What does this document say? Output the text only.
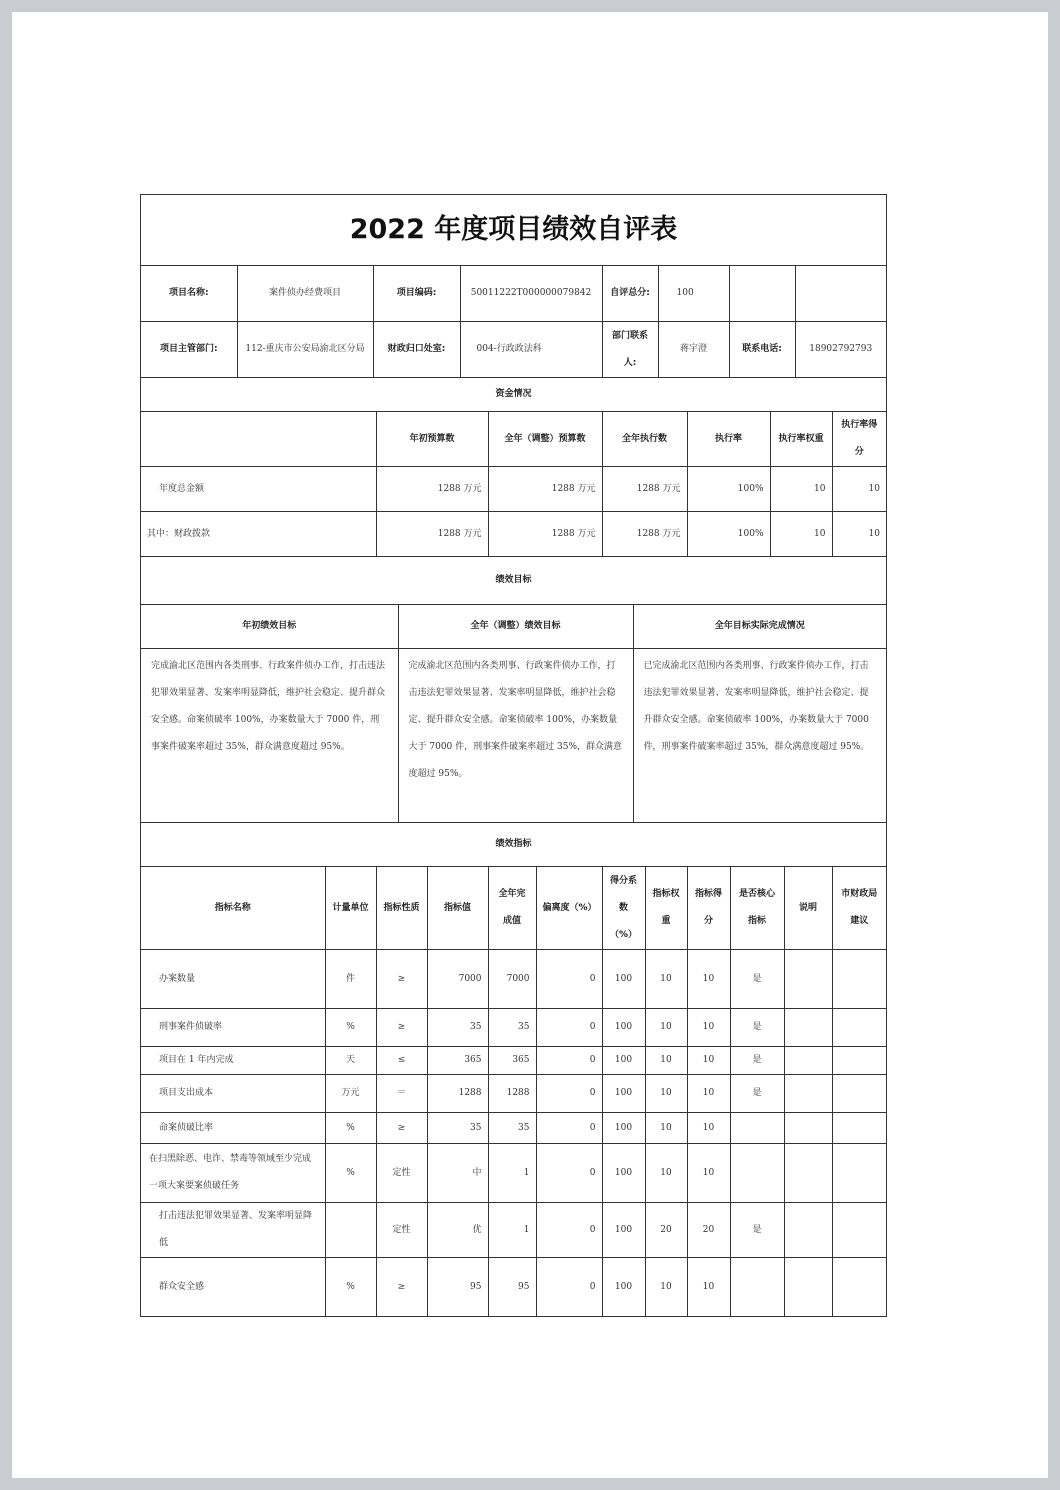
2022 年度项目绩效自评表
项目名称:	案件侦办经费项目	项目编码:	50011222T000000079842	自评总分:	100		
项目主管部门:	112-重庆市公安局渝北区分局	财政归口处室:	004-行政政法科	部门联系人:	蒋宇澄	联系电话:	18902792793
资金情况						
	年初预算数	全年（调整）预算数	全年执行数	执行率	执行率权重	执行率得分
年度总金额	1288 万元	1288 万元	1288 万元	100%	10	10
其中：财政拨款	1288 万元	1288 万元	1288 万元	100%	10	10
绩效目标		
年初绩效目标	全年（调整）绩效目标	全年目标实际完成情况
完成渝北区范围内各类刑事、行政案件侦办工作，打击违法犯罪效果显著、发案率明显降低，维护社会稳定、提升群众安全感。命案侦破率 100%，办案数量大于 7000 件，刑事案件破案率超过 35%，群众满意度超过 95%。	完成渝北区范围内各类刑事、行政案件侦办工作，打击违法犯罪效果显著、发案率明显降低，维护社会稳定、提升群众安全感。命案侦破率 100%，办案数量大于 7000 件，刑事案件破案率超过 35%，群众满意度超过 95%。	已完成渝北区范围内各类刑事、行政案件侦办工作，打击违法犯罪效果显著、发案率明显降低，维护社会稳定、提升群众安全感。命案侦破率 100%，办案数量大于 7000 件，刑事案件破案率超过 35%，群众满意度超过 95%。
绩效指标											
指标名称	计量单位	指标性质	指标值	全年完成值	偏离度（%）	得分系数（%）	指标权重	指标得分	是否核心指标	说明	市财政局建议
办案数量	件	≥	7000	7000	0	100	10	10	是		
刑事案件侦破率	%	≥	35	35	0	100	10	10	是		
项目在 1 年内完成	天	≤	365	365	0	100	10	10	是		
项目支出成本	万元	＝	1288	1288	0	100	10	10	是		
命案侦破比率	%	≥	35	35	0	100	10	10			
在扫黑除恶、电诈、禁毒等领域至少完成一项大案要案侦破任务	%	定性	中	1	0	100	10	10			
打击违法犯罪效果显著、发案率明显降低		定性	优	1	0	100	20	20	是		
群众安全感	%	≥	95	95	0	100	10	10			
